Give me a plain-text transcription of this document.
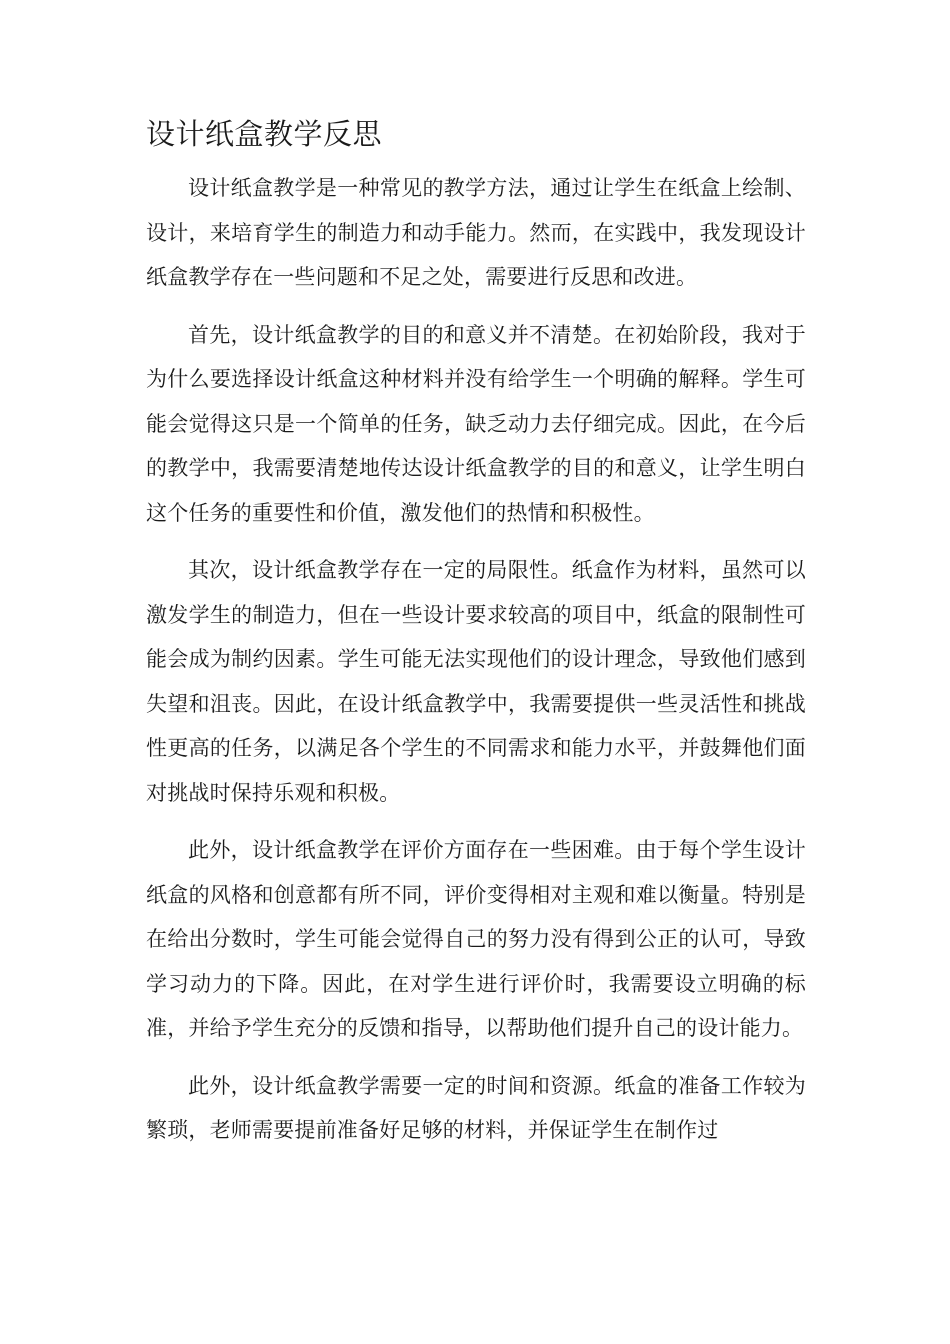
设计纸盒教学反思

设计纸盒教学是一种常见的教学方法，通过让学生在纸盒上绘制、设计，来培育学生的制造力和动手能力。然而，在实践中，我发现设计纸盒教学存在一些问题和不足之处，需要进行反思和改进。

首先，设计纸盒教学的目的和意义并不清楚。在初始阶段，我对于为什么要选择设计纸盒这种材料并没有给学生一个明确的解释。学生可能会觉得这只是一个简单的任务，缺乏动力去仔细完成。因此，在今后的教学中，我需要清楚地传达设计纸盒教学的目的和意义，让学生明白这个任务的重要性和价值，激发他们的热情和积极性。

其次，设计纸盒教学存在一定的局限性。纸盒作为材料，虽然可以激发学生的制造力，但在一些设计要求较高的项目中，纸盒的限制性可能会成为制约因素。学生可能无法实现他们的设计理念，导致他们感到失望和沮丧。因此，在设计纸盒教学中，我需要提供一些灵活性和挑战性更高的任务，以满足各个学生的不同需求和能力水平，并鼓舞他们面对挑战时保持乐观和积极。

此外，设计纸盒教学在评价方面存在一些困难。由于每个学生设计纸盒的风格和创意都有所不同，评价变得相对主观和难以衡量。特别是在给出分数时，学生可能会觉得自己的努力没有得到公正的认可，导致学习动力的下降。因此，在对学生进行评价时，我需要设立明确的标准，并给予学生充分的反馈和指导，以帮助他们提升自己的设计能力。

此外，设计纸盒教学需要一定的时间和资源。纸盒的准备工作较为繁琐，老师需要提前准备好足够的材料，并保证学生在制作过
